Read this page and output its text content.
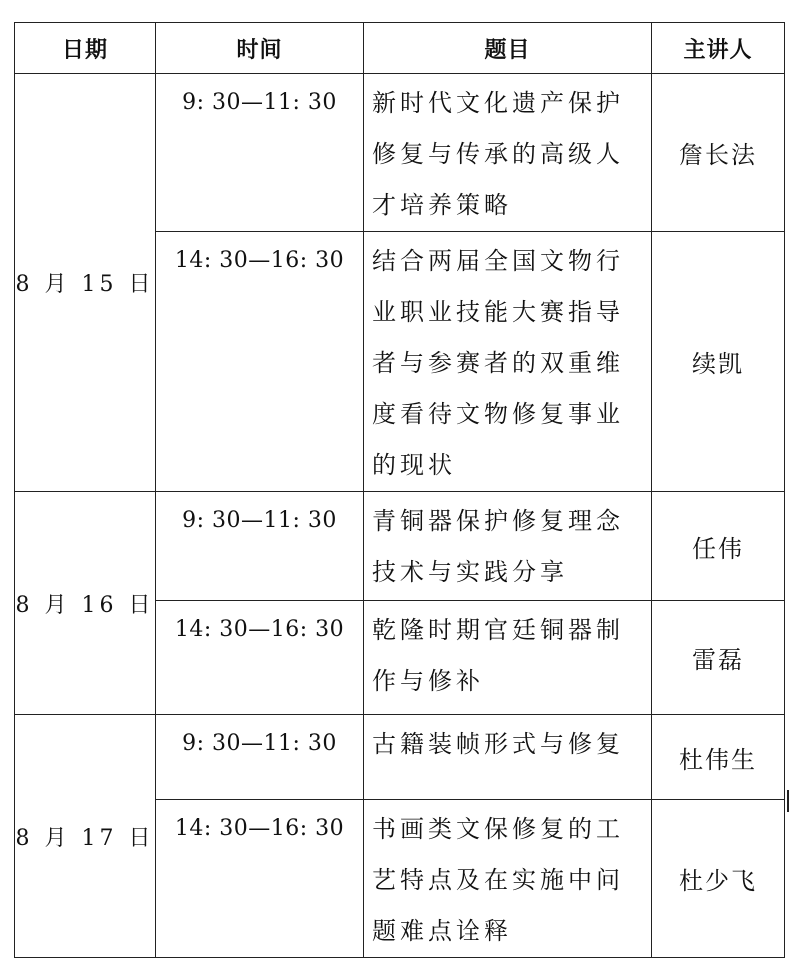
日期	时间	题目	主讲人
8 月 15 日	9: 30—11: 30	新时代文化遗产保护修复与传承的高级人才培养策略	詹长法
	14: 30—16: 30	结合两届全国文物行业职业技能大赛指导者与参赛者的双重维度看待文物修复事业的现状	续凯
8 月 16 日	9: 30—11: 30	青铜器保护修复理念技术与实践分享	任伟
	14: 30—16: 30	乾隆时期官廷铜器制作与修补	雷磊
8 月 17 日	9: 30—11: 30	古籍装帧形式与修复	杜伟生
	14: 30—16: 30	书画类文保修复的工艺特点及在实施中问题难点诠释	杜少飞
